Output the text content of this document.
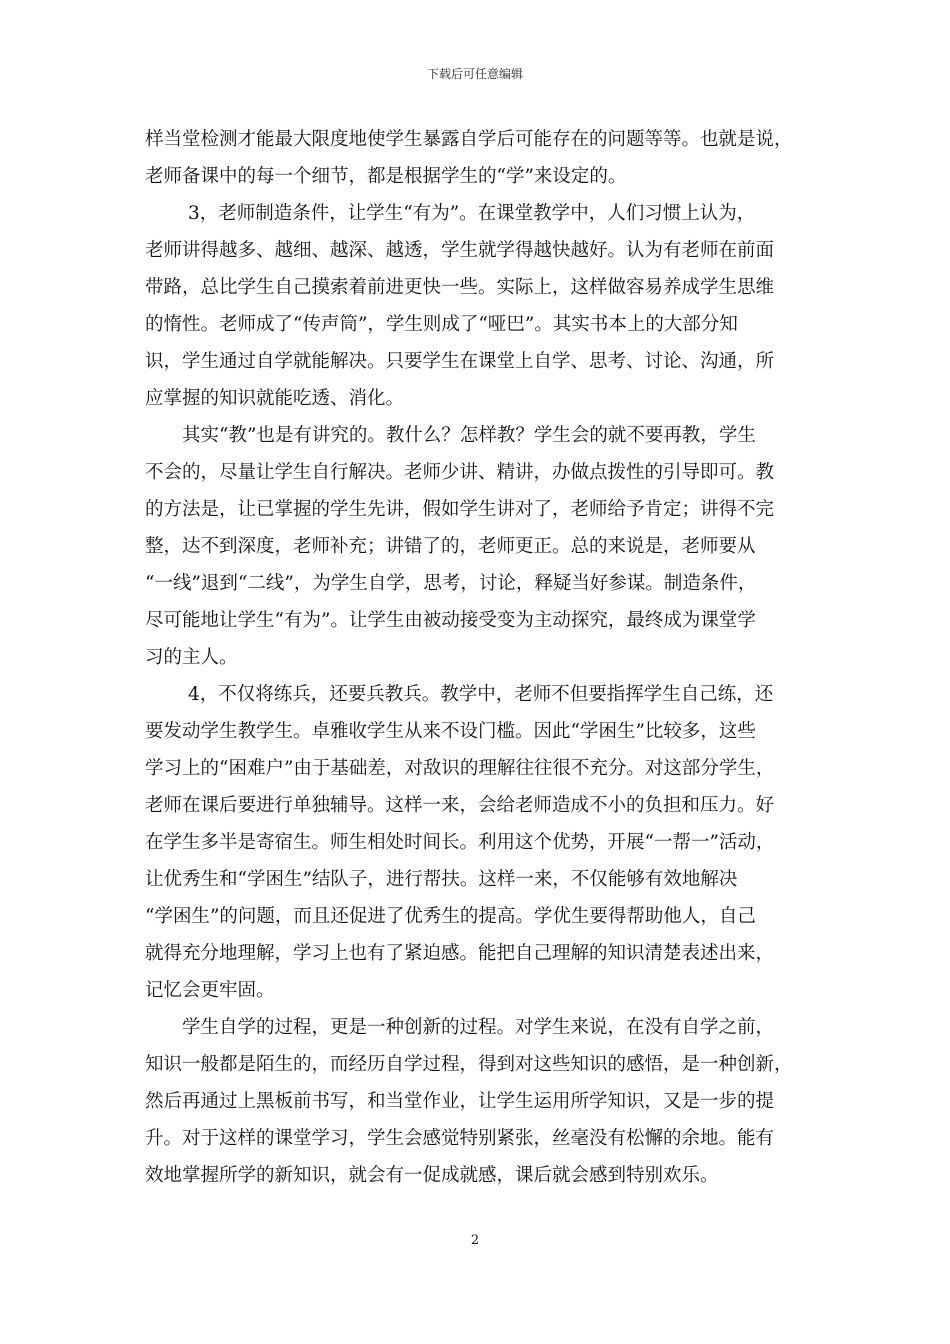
下载后可任意编辑
样当堂检测才能最大限度地使学生暴露自学后可能存在的问题等等。也就是说，
老师备课中的每一个细节，都是根据学生的“学”来设定的。
3，老师制造条件，让学生“有为”。在课堂教学中，人们习惯上认为，
老师讲得越多、越细、越深、越透，学生就学得越快越好。认为有老师在前面
带路，总比学生自己摸索着前进更快一些。实际上，这样做容易养成学生思维
的惰性。老师成了“传声筒”，学生则成了“哑巴”。其实书本上的大部分知
识，学生通过自学就能解决。只要学生在课堂上自学、思考、讨论、沟通，所
应掌握的知识就能吃透、消化。
其实“教”也是有讲究的。教什么？怎样教？学生会的就不要再教，学生
不会的，尽量让学生自行解决。老师少讲、精讲，办做点拨性的引导即可。教
的方法是，让已掌握的学生先讲，假如学生讲对了，老师给予肯定；讲得不完
整，达不到深度，老师补充；讲错了的，老师更正。总的来说是，老师要从
“一线”退到“二线”，为学生自学，思考，讨论，释疑当好参谋。制造条件，
尽可能地让学生“有为”。让学生由被动接受变为主动探究，最终成为课堂学
习的主人。
4，不仅将练兵，还要兵教兵。教学中，老师不但要指挥学生自己练，还
要发动学生教学生。卓雅收学生从来不设门槛。因此“学困生”比较多，这些
学习上的“困难户”由于基础差，对敌识的理解往往很不充分。对这部分学生，
老师在课后要进行单独辅导。这样一来，会给老师造成不小的负担和压力。好
在学生多半是寄宿生。师生相处时间长。利用这个优势，开展“一帮一”活动，
让优秀生和“学困生”结队子，进行帮扶。这样一来，不仅能够有效地解决
“学困生”的问题，而且还促进了优秀生的提高。学优生要得帮助他人，自己
就得充分地理解，学习上也有了紧迫感。能把自己理解的知识清楚表述出来，
记忆会更牢固。
学生自学的过程，更是一种创新的过程。对学生来说，在没有自学之前，
知识一般都是陌生的，而经历自学过程，得到对这些知识的感悟，是一种创新，
然后再通过上黑板前书写，和当堂作业，让学生运用所学知识，又是一步的提
升。对于这样的课堂学习，学生会感觉特别紧张，丝毫没有松懈的余地。能有
效地掌握所学的新知识，就会有一促成就感，课后就会感到特别欢乐。
2
